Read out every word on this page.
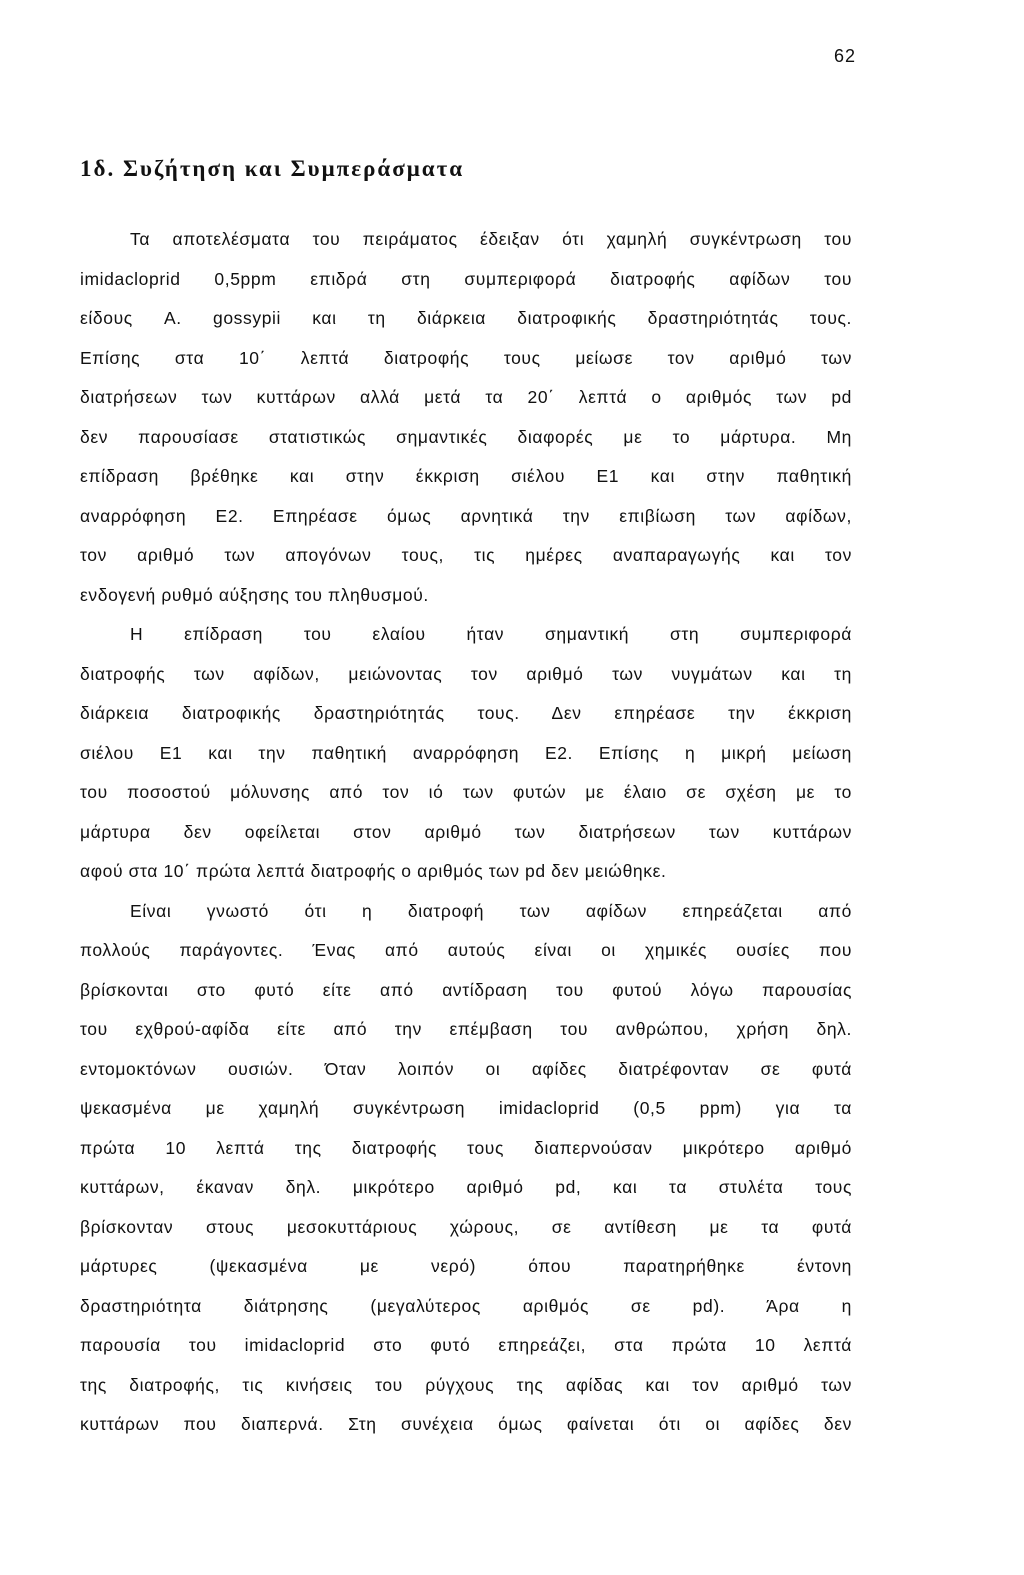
62
1δ. Συζήτηση και Συμπεράσματα
Τα αποτελέσματα του πειράματος έδειξαν ότι χαμηλή συγκέντρωση του
imidacloprid 0,5ppm επιδρά στη συμπεριφορά διατροφής αφίδων του
είδους A. gossypii και τη διάρκεια διατροφικής δραστηριότητάς τους.
Επίσης στα 10΄ λεπτά διατροφής τους μείωσε τον αριθμό των
διατρήσεων των κυττάρων αλλά μετά τα 20΄ λεπτά ο αριθμός των pd
δεν παρουσίασε στατιστικώς σημαντικές διαφορές με το μάρτυρα. Μη
επίδραση βρέθηκε και στην έκκριση σιέλου Ε1 και στην παθητική
αναρρόφηση Ε2. Επηρέασε όμως αρνητικά την επιβίωση των αφίδων,
τον αριθμό των απογόνων τους, τις ημέρες αναπαραγωγής και τον
ενδογενή ρυθμό αύξησης του πληθυσμού.
Η επίδραση του ελαίου ήταν σημαντική στη συμπεριφορά
διατροφής των αφίδων, μειώνοντας τον αριθμό των νυγμάτων και τη
διάρκεια διατροφικής δραστηριότητάς τους. Δεν επηρέασε την έκκριση
σιέλου Ε1 και την παθητική αναρρόφηση Ε2. Επίσης η μικρή μείωση
του ποσοστού μόλυνσης από τον ιό των φυτών με έλαιο σε σχέση με το
μάρτυρα δεν οφείλεται στον αριθμό των διατρήσεων των κυττάρων
αφού στα 10΄ πρώτα λεπτά διατροφής ο αριθμός των pd δεν μειώθηκε.
Είναι γνωστό ότι η διατροφή των αφίδων επηρεάζεται από
πολλούς παράγοντες. Ένας από αυτούς είναι οι χημικές ουσίες που
βρίσκονται στο φυτό είτε από αντίδραση του φυτού λόγω παρουσίας
του εχθρού-αφίδα είτε από την επέμβαση του ανθρώπου, χρήση δηλ.
εντομοκτόνων ουσιών. Όταν λοιπόν οι αφίδες διατρέφονταν σε φυτά
ψεκασμένα με χαμηλή συγκέντρωση imidacloprid (0,5 ppm) για τα
πρώτα 10 λεπτά της διατροφής τους διαπερνούσαν μικρότερο αριθμό
κυττάρων, έκαναν δηλ. μικρότερο αριθμό pd, και τα στυλέτα τους
βρίσκονταν στους μεσοκυττάριους χώρους, σε αντίθεση με τα φυτά
μάρτυρες (ψεκασμένα με νερό) όπου παρατηρήθηκε έντονη
δραστηριότητα διάτρησης (μεγαλύτερος αριθμός σε pd). Άρα η
παρουσία του imidacloprid στο φυτό επηρεάζει, στα πρώτα 10 λεπτά
της διατροφής, τις κινήσεις του ρύγχους της αφίδας και τον αριθμό των
κυττάρων που διαπερνά. Στη συνέχεια όμως φαίνεται ότι οι αφίδες δεν
